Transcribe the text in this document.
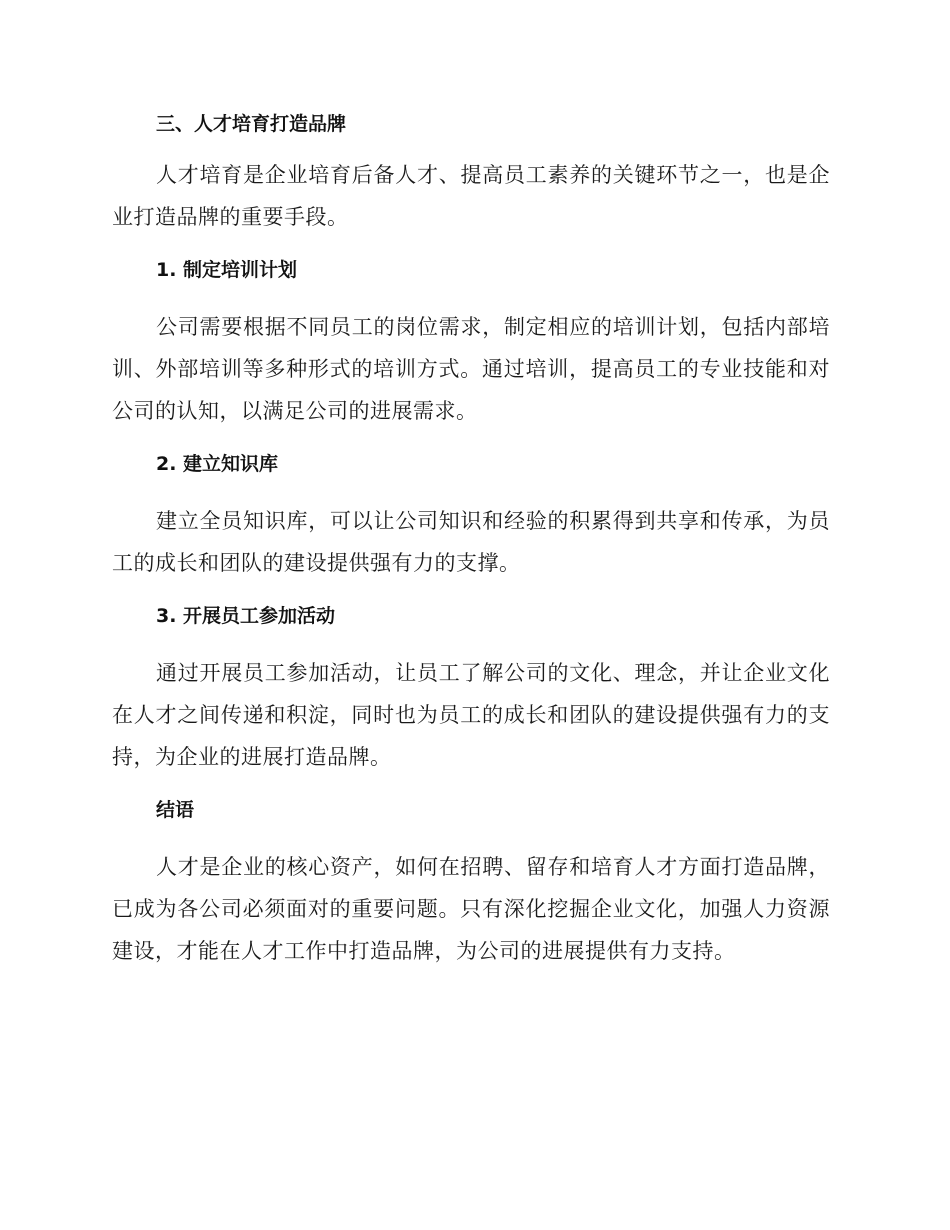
三、人才培育打造品牌

人才培育是企业培育后备人才、提高员工素养的关键环节之一，也是企业打造品牌的重要手段。

1. 制定培训计划

公司需要根据不同员工的岗位需求，制定相应的培训计划，包括内部培训、外部培训等多种形式的培训方式。通过培训，提高员工的专业技能和对公司的认知，以满足公司的进展需求。

2. 建立知识库

建立全员知识库，可以让公司知识和经验的积累得到共享和传承，为员工的成长和团队的建设提供强有力的支撑。

3. 开展员工参加活动

通过开展员工参加活动，让员工了解公司的文化、理念，并让企业文化在人才之间传递和积淀，同时也为员工的成长和团队的建设提供强有力的支持，为企业的进展打造品牌。

结语

人才是企业的核心资产，如何在招聘、留存和培育人才方面打造品牌，已成为各公司必须面对的重要问题。只有深化挖掘企业文化，加强人力资源建设，才能在人才工作中打造品牌，为公司的进展提供有力支持。
